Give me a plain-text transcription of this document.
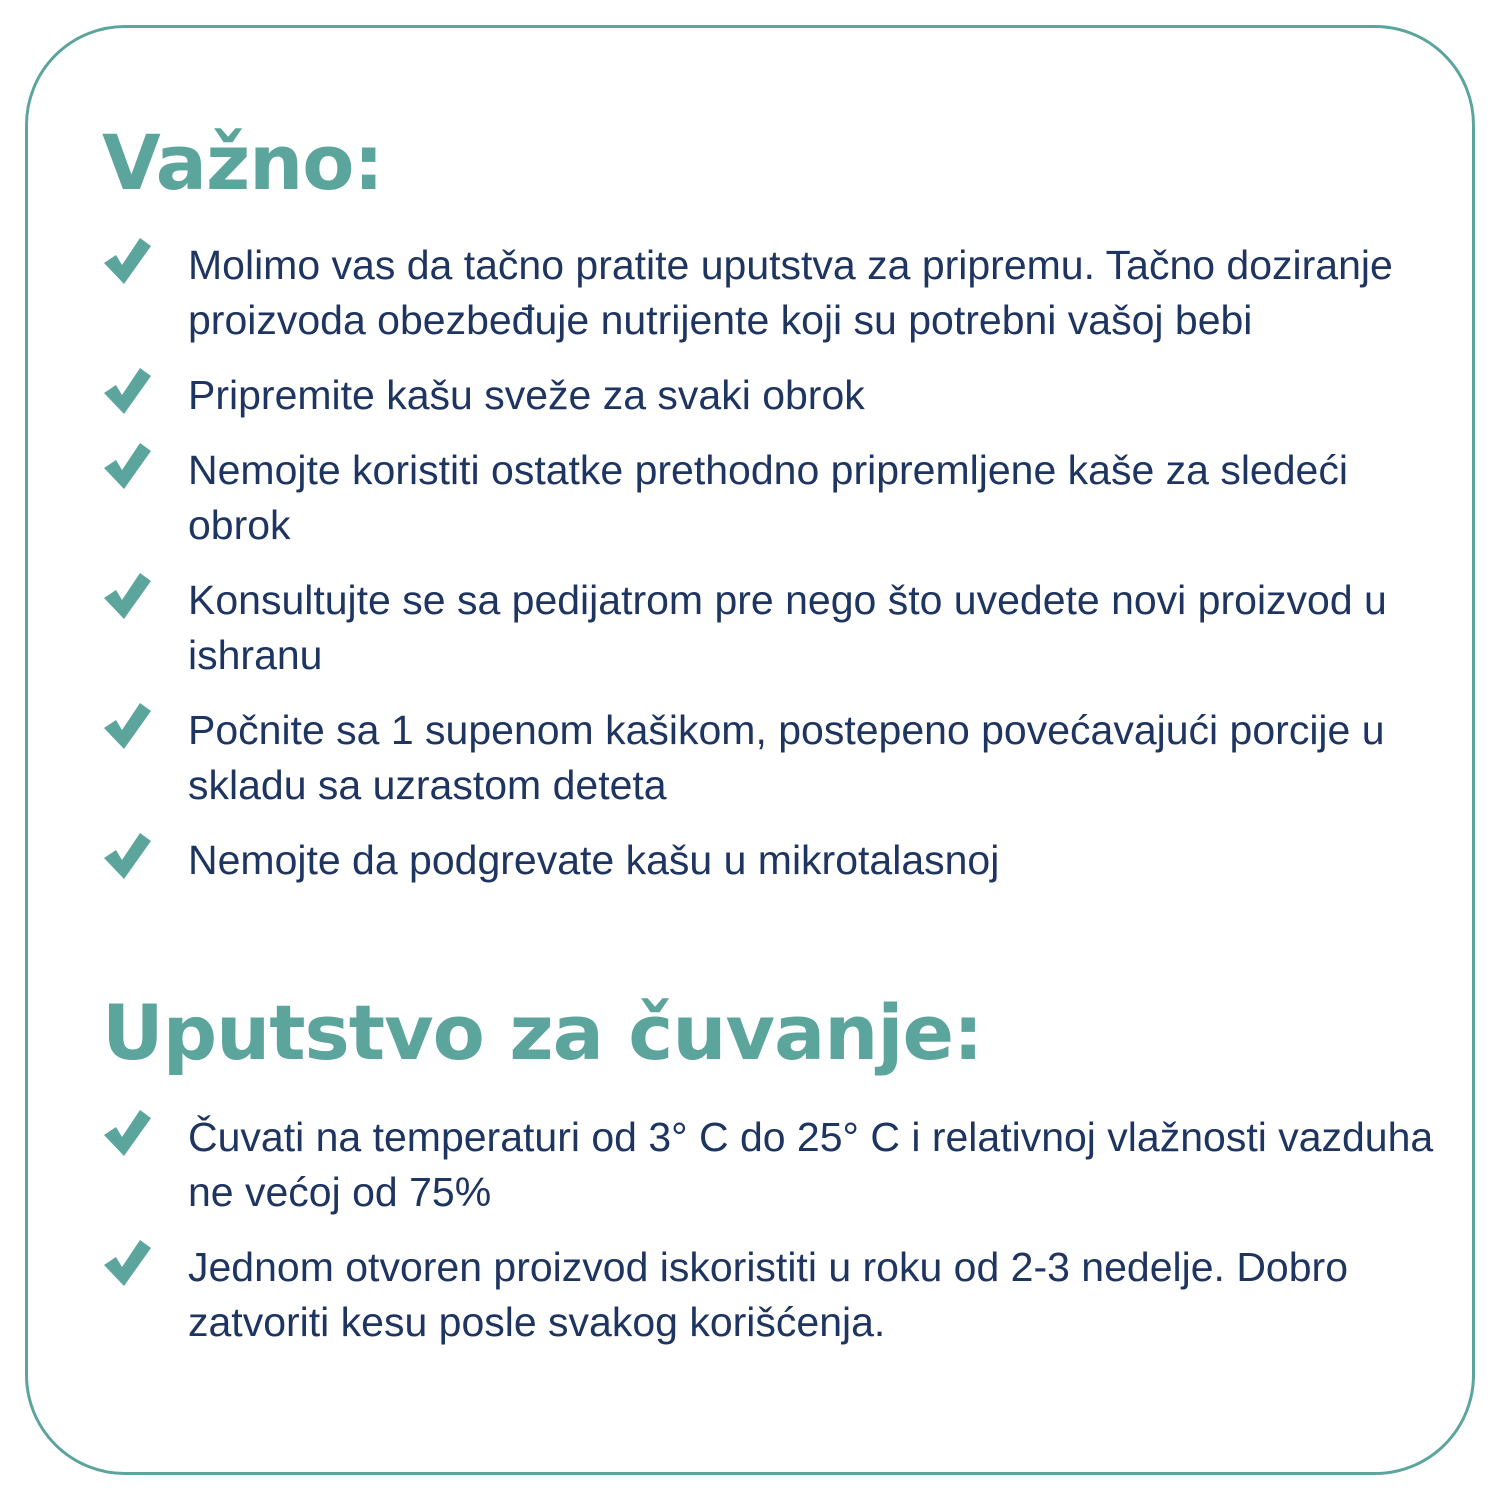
Važno:
Molimo vas da tačno pratite uputstva za pripremu. Tačno doziranje proizvoda obezbeđuje nutrijente koji su potrebni vašoj bebi
Pripremite kašu sveže za svaki obrok
Nemojte koristiti ostatke prethodno pripremljene kaše za sledeći obrok
Konsultujte se sa pedijatrom pre nego što uvedete novi proizvod u ishranu
Počnite sa 1 supenom kašikom, postepeno povećavajući porcije u skladu sa uzrastom deteta
Nemojte da podgrevate kašu u mikrotalasnoj
Uputstvo za čuvanje:
Čuvati na temperaturi od 3° C do 25° C i relativnoj vlažnosti vazduha ne većoj od 75%
Jednom otvoren proizvod iskoristiti u roku od 2-3 nedelje. Dobro zatvoriti kesu posle svakog korišćenja.
